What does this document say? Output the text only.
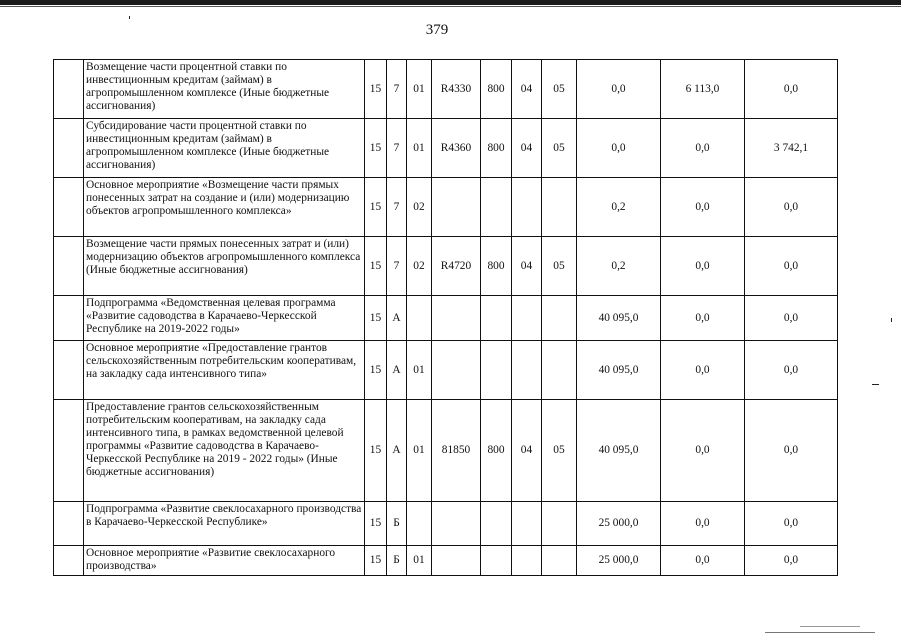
379
	Возмещение части процентной ставки по инвестиционным кредитам (займам) в агропромышленном комплексе (Иные бюджетные ассигнования)	15	7	01	R4330	800	04	05	0,0	6 113,0	0,0
	Субсидирование части процентной ставки по инвестиционным кредитам (займам) в агропромышленном комплексе (Иные бюджетные ассигнования)	15	7	01	R4360	800	04	05	0,0	0,0	3 742,1
	Основное мероприятие «Возмещение части прямых понесенных затрат на создание и (или) модернизацию объектов агропромышленного комплекса»	15	7	02					0,2	0,0	0,0
	Возмещение части прямых понесенных затрат и (или) модернизацию объектов агропромышленного комплекса (Иные бюджетные ассигнования)	15	7	02	R4720	800	04	05	0,2	0,0	0,0
	Подпрограмма «Ведомственная целевая программа «Развитие садоводства в Карачаево-Черкесской Республике на 2019-2022 годы»	15	А						40 095,0	0,0	0,0
	Основное мероприятие «Предоставление грантов сельскохозяйственным потребительским кооперативам, на закладку сада интенсивного типа»	15	А	01					40 095,0	0,0	0,0
	Предоставление грантов сельскохозяйственным потребительским кооперативам, на закладку сада интенсивного типа, в рамках ведомственной целевой программы «Развитие садоводства в Карачаево-Черкесской Республике на 2019 - 2022 годы» (Иные бюджетные ассигнования)	15	А	01	81850	800	04	05	40 095,0	0,0	0,0
	Подпрограмма «Развитие свеклосахарного производства в Карачаево-Черкесской Республике»	15	Б						25 000,0	0,0	0,0
	Основное мероприятие «Развитие свеклосахарного производства»	15	Б	01					25 000,0	0,0	0,0
